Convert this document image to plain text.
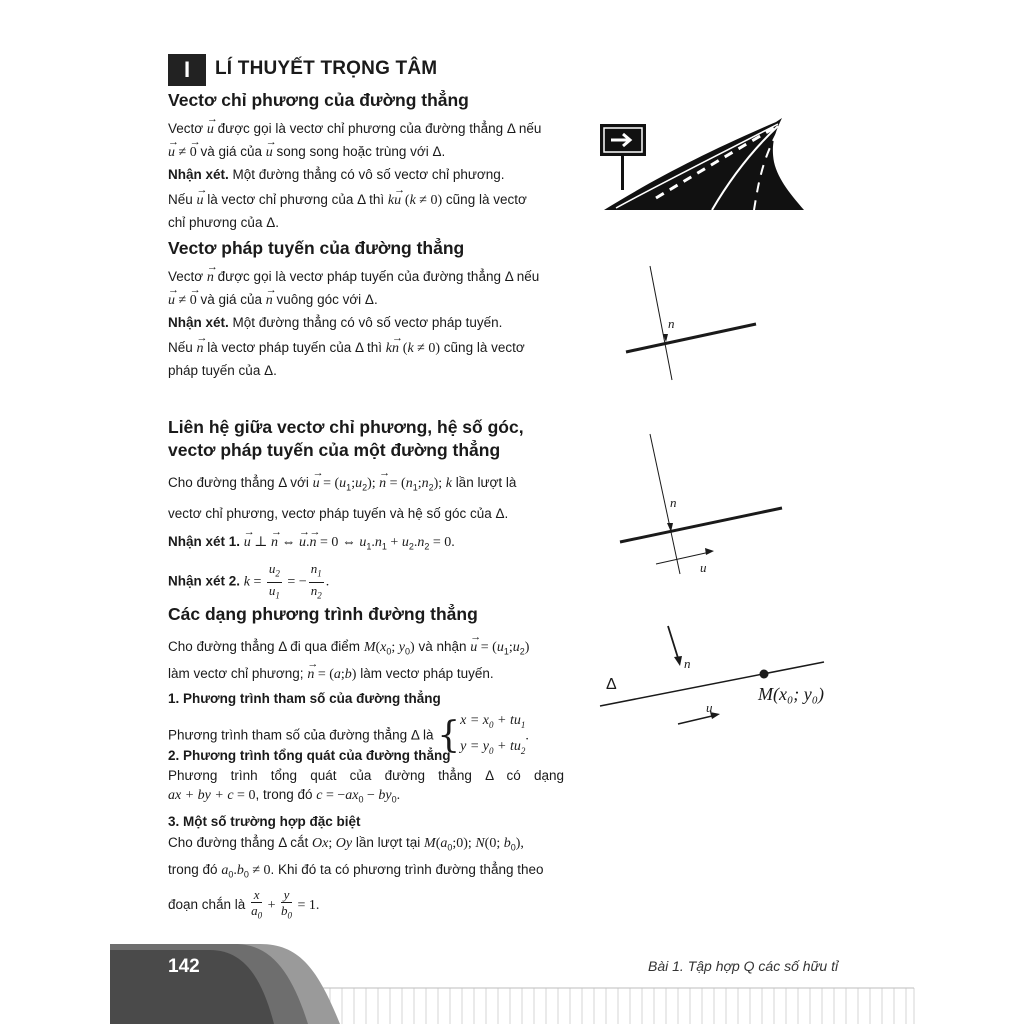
I	LÍ THUYẾT TRỌNG TÂM
Vectơ chỉ phương của đường thẳng
Vectơ → u được gọi là vectơ chỉ phương của đường thẳng Δ nếu
→ u ≠ → 0 và giá của → u song song hoặc trùng với Δ.
Nhận xét. Một đường thẳng có vô số vectơ chỉ phương.
Nếu → u là vectơ chỉ phương của Δ thì k→ u (k ≠ 0) cũng là vectơ
chỉ phương của Δ.
Vectơ pháp tuyến của đường thẳng
Vectơ → n được gọi là vectơ pháp tuyến của đường thẳng Δ nếu
→ u ≠ → 0 và giá của → n vuông góc với Δ.
Nhận xét. Một đường thẳng có vô số vectơ pháp tuyến.
Nếu → n là vectơ pháp tuyến của Δ thì k→ n (k ≠ 0) cũng là vectơ
pháp tuyến của Δ.
Liên hệ giữa vectơ chỉ phương, hệ số góc,
vectơ pháp tuyến của một đường thẳng
Cho đường thẳng Δ với → $u = (u_1;u_2)$; → $n = (n_1;n_2)$; k lần lượt là
vectơ chỉ phương, vectơ pháp tuyến và hệ số góc của Δ.
Nhận xét 1. → u ⊥ → n ⇔ → u.→ n = 0 ⇔ $u_1.n_1 + u_2.n_2 = 0$.
Nhận xét 2. $k = \frac{u_2}{u_1}$ = − $\frac{n_1}{n_2}$ .
Các dạng phương trình đường thẳng
Cho đường thẳng Δ đi qua điểm $M(x_0$; $y_0$) và nhận → $u = (u_1;u_2)$
làm vectơ chỉ phương; → n = (a;b) làm vectơ pháp tuyến.
1. Phương trình tham số của đường thẳng
Phương trình tham số của đường thẳng Δ là { $x = x_0 + tu_1$
$y = y_0 + tu_2$
.
2. Phương trình tổng quát của đường thẳng
Phương trình tổng quát của đường thẳng Δ có dạng
ax + by + c = 0, trong đó $c = -ax_0 - by_0$.
3. Một số trường hợp đặc biệt
Cho đường thẳng Δ cắt Ox; Oy lần lượt tại $M(a_0;0)$; N(0; $b_0$),
trong đó $a_0.b_0 \ne 0$. Khi đó ta có phương trình đường thẳng theo
đoạn chắn là $\frac{x}{a_0} + \frac{y}{b_0} = 1$.
n
n
u
Δ
n
u
M(x₀; y₀)
142	Bài 1. Tập hợp Q các số hữu tỉ
